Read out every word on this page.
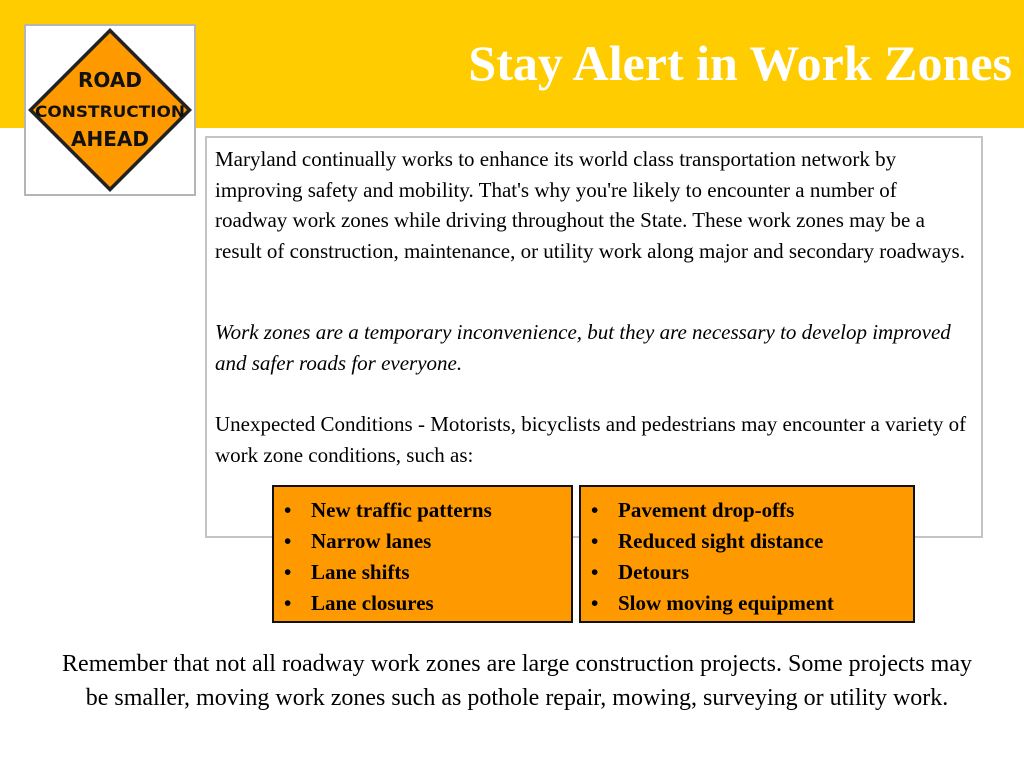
Stay Alert in Work Zones
ROAD
CONSTRUCTION
AHEAD

Maryland continually works to enhance its world class transportation network by improving safety and mobility. That's why you're likely to encounter a number of roadway work zones while driving throughout the State. These work zones may be a result of construction, maintenance, or utility work along major and secondary roadways.

Work zones are a temporary inconvenience, but they are necessary to develop improved and safer roads for everyone.

Unexpected Conditions - Motorists, bicyclists and pedestrians may encounter a variety of work zone conditions, such as:

• New traffic patterns
• Narrow lanes
• Lane shifts
• Lane closures
• Pavement drop-offs
• Reduced sight distance
• Detours
• Slow moving equipment

Remember that not all roadway work zones are large construction projects. Some projects may be smaller, moving work zones such as pothole repair, mowing, surveying or utility work.
